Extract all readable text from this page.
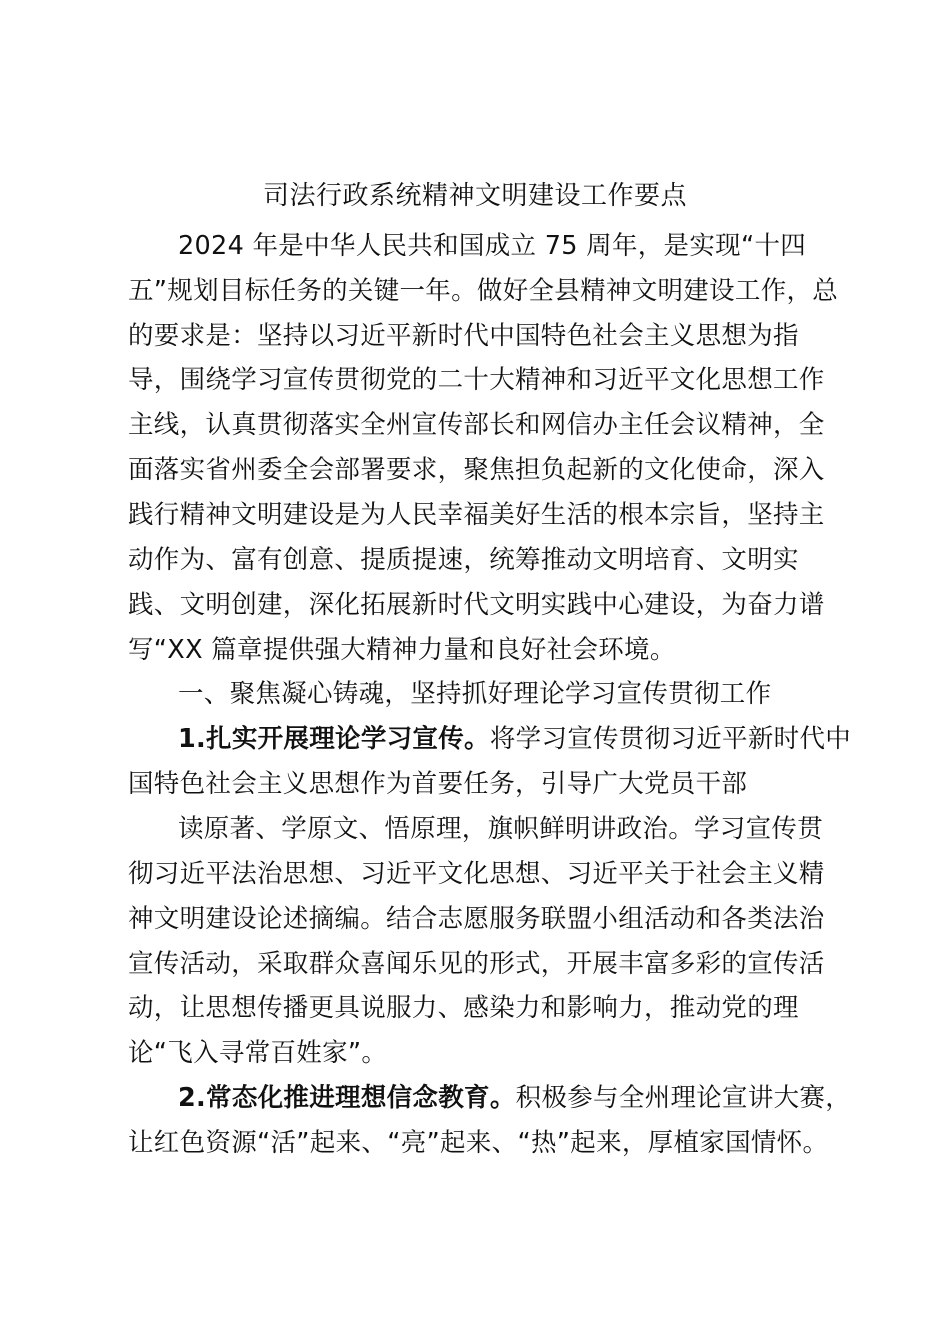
司法行政系统精神文明建设工作要点
2024 年是中华人民共和国成立 75 周年，是实现“十四
五”规划目标任务的关键一年。做好全县精神文明建设工作，总
的要求是：坚持以习近平新时代中国特色社会主义思想为指
导，围绕学习宣传贯彻党的二十大精神和习近平文化思想工作
主线，认真贯彻落实全州宣传部长和网信办主任会议精神，全
面落实省州委全会部署要求，聚焦担负起新的文化使命，深入
践行精神文明建设是为人民幸福美好生活的根本宗旨，坚持主
动作为、富有创意、提质提速，统筹推动文明培育、文明实
践、文明创建，深化拓展新时代文明实践中心建设，为奋力谱
写“XX 篇章提供强大精神力量和良好社会环境。
一、聚焦凝心铸魂，坚持抓好理论学习宣传贯彻工作
1.扎实开展理论学习宣传。将学习宣传贯彻习近平新时代中
国特色社会主义思想作为首要任务，引导广大党员干部
读原著、学原文、悟原理，旗帜鲜明讲政治。学习宣传贯
彻习近平法治思想、习近平文化思想、习近平关于社会主义精
神文明建设论述摘编。结合志愿服务联盟小组活动和各类法治
宣传活动，采取群众喜闻乐见的形式，开展丰富多彩的宣传活
动，让思想传播更具说服力、感染力和影响力，推动党的理
论“飞入寻常百姓家”。
2.常态化推进理想信念教育。积极参与全州理论宣讲大赛，
让红色资源“活”起来、“亮”起来、“热”起来，厚植家国情怀。
